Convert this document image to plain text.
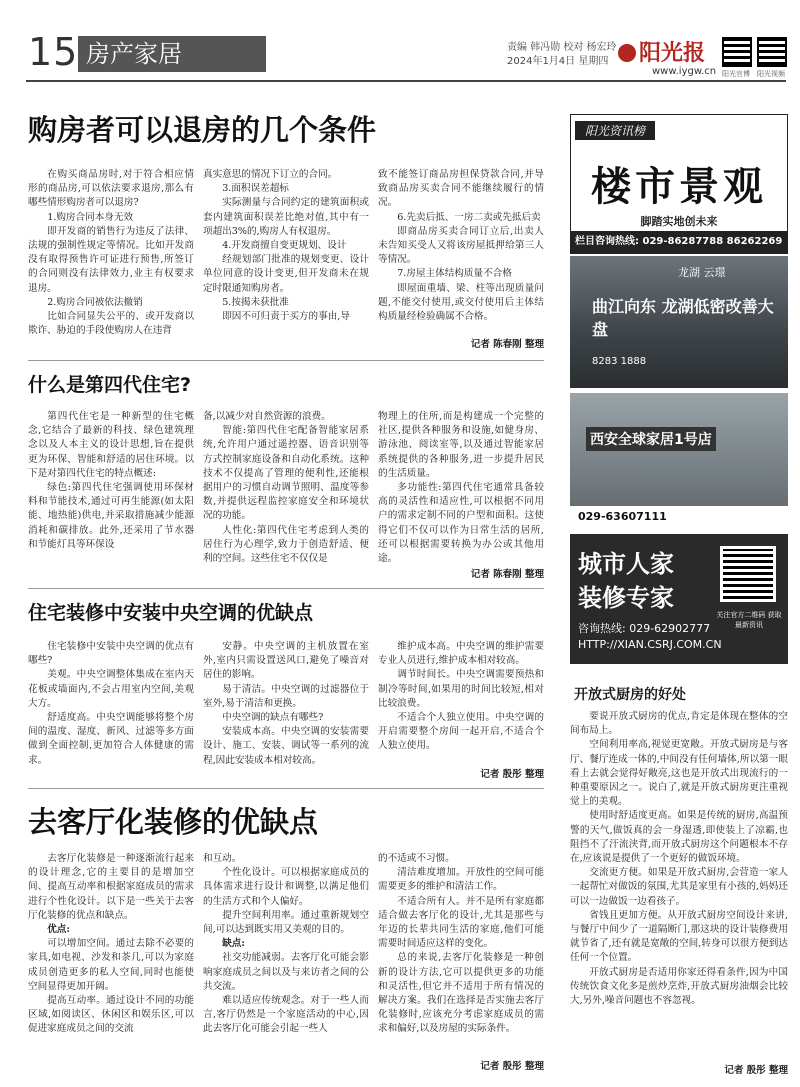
15 房产家居	责编 韩冯勋 校对 杨宏玲
2024年1月4日 星期四	阳光报
www.iygw.cn 阳光官博 阳光视频
购房者可以退房的几个条件

在购买商品房时,对于符合相应情形的商品房,可以依法要求退房,那么有哪些情形购房者可以退房?

1.购房合同本身无效

即开发商的销售行为违反了法律、法规的强制性规定等情况。比如开发商没有取得预售许可证进行预售,所签订的合同则没有法律效力,业主有权要求退房。

2.购房合同被依法撤销

比如合同显失公平的、或开发商以欺诈、胁迫的手段使购房人在违背

真实意思的情况下订立的合同。

3.面积误差超标

实际测量与合同约定的建筑面积或套内建筑面积误差比绝对值,其中有一项超出3%的,购房人有权退房。

4.开发商擅自变更规划、设计

经规划部门批准的规划变更、设计单位同意的设计变更,但开发商未在规定时限通知购房者。

5.按揭未获批准

即因不可归责于买方的事由,导

致不能签订商品房担保贷款合同,并导致商品房买卖合同不能继续履行的情况。

6.先卖后抵、一房二卖或先抵后卖

即商品房买卖合同订立后,出卖人未告知买受人又将该房屋抵押给第三人等情况。

7.房屋主体结构质量不合格

即屋面重墙、梁、柱等出现质量问题,不能交付使用,或交付使用后主体结构质量经检验确属不合格。

记者 陈春刚 整理
什么是第四代住宅?

第四代住宅是一种新型的住宅概念,它结合了最新的科技、绿色建筑理念以及人本主义的设计思想,旨在提供更为环保、智能和舒适的居住环境。以下是对第四代住宅的特点概述:

绿色:第四代住宅强调使用环保材料和节能技术,通过可再生能源(如太阳能、地热能)供电,并采取措施减少能源消耗和碳排放。此外,还采用了节水器和节能灯具等环保设

备,以减少对自然资源的浪费。

智能:第四代住宅配备智能家居系统,允许用户通过遥控器、语音识别等方式控制家庭设备和自动化系统。这种技术不仅提高了管理的便利性,还能根据用户的习惯自动调节照明、温度等参数,并提供远程监控家庭安全和环境状况的功能。

人性化:第四代住宅考虑到人类的居住行为心理学,致力于创造舒适、便利的空间。这些住宅不仅仅是

物理上的住所,而是构建成一个完整的社区,提供各种服务和设施,如健身房、游泳池、阅读室等,以及通过智能家居系统提供的各种服务,进一步提升居民的生活质量。

多功能性:第四代住宅通常具备较高的灵活性和适应性,可以根据不同用户的需求定制不同的户型和面积。这使得它们不仅可以作为日常生活的居所,还可以根据需要转换为办公或其他用途。

记者 陈春刚 整理
住宅装修中安装中央空调的优缺点

住宅装修中安装中央空调的优点有哪些?

美观。中央空调整体集成在室内天花板或墙面内,不会占用室内空间,美观大方。

舒适度高。中央空调能够将整个房间的温度、湿度、新风、过滤等多方面做到全面控制,更加符合人体健康的需求。

安静。中央空调的主机放置在室外,室内只需设置送风口,避免了噪音对居住的影响。

易于清洁。中央空调的过滤器位于室外,易于清洁和更换。

中央空调的缺点有哪些?

安装成本高。中央空调的安装需要设计、施工、安装、调试等一系列的流程,因此安装成本相对较高。

维护成本高。中央空调的维护需要专业人员进行,维护成本相对较高。

调节时间长。中央空调需要预热和制冷等时间,如果用的时间比较短,相对比较浪费。

不适合个人独立使用。中央空调的开启需要整个房间一起开启,不适合个人独立使用。

记者 殷彤 整理
去客厅化装修的优缺点

去客厅化装修是一种逐渐流行起来的设计理念,它的主要目的是增加空间、提高互动率和根据家庭成员的需求进行个性化设计。以下是一些关于去客厅化装修的优点和缺点。

优点:

可以增加空间。通过去除不必要的家具,如电视、沙发和茶几,可以为家庭成员创造更多的私人空间,同时也能使空间显得更加开阔。

提高互动率。通过设计不同的功能区域,如阅读区、休闲区和娱乐区,可以促进家庭成员之间的交流

和互动。

个性化设计。可以根据家庭成员的具体需求进行设计和调整,以满足他们的生活方式和个人偏好。

提升空间利用率。通过重新规划空间,可以达到既实用又美观的目的。

缺点:

社交功能减弱。去客厅化可能会影响家庭成员之间以及与来访者之间的公共交流。

难以适应传统观念。对于一些人而言,客厅仍然是一个家庭活动的中心,因此去客厅化可能会引起一些人

的不适或不习惯。

清洁难度增加。开放性的空间可能需要更多的维护和清洁工作。

不适合所有人。并不是所有家庭都适合做去客厅化的设计,尤其是那些与年迈的长辈共同生活的家庭,他们可能需要时间适应这样的变化。

总的来说,去客厅化装修是一种创新的设计方法,它可以提供更多的功能和灵活性,但它并不适用于所有情况的解决方案。我们在选择是否实施去客厅化装修时,应该充分考虑家庭成员的需求和偏好,以及房屋的实际条件。

记者 殷彤 整理
阳光资讯榜
楼市景观
脚踏实地创未来
栏目咨询热线: 029-86287788 86262269
龙湖 云璟
曲江向东 龙湖低密改善大盘
8283 1888
西安全球家居1号店
029-63607111
城市人家
装修专家
咨询热线: 029-62902777
HTTP://XIAN.CSRJ.COM.CN
关注官方二维码 获取最新资讯
开放式厨房的好处

要说开放式厨房的优点,肯定是体现在整体的空间布局上。

空间利用率高,视觉更宽敞。开放式厨房是与客厅、餐厅连成一体的,中间没有任何墙体,所以第一眼看上去就会觉得好敞亮,这也是开放式出现流行的一种重要原因之一。说白了,就是开放式厨房更注重视觉上的美观。

使用时舒适度更高。如果是传统的厨房,高温预警的天气,做饭真的会一身湿透,即使装上了凉霸,也阻挡不了汗流浃背,而开放式厨房这个问题根本不存在,应该说是提供了一个更好的做饭环境。

交流更方便。如果是开放式厨房,会营造一家人一起帮忙对做饭的氛围,尤其是家里有小孩的,妈妈还可以一边做饭一边看孩子。

省钱且更加方便。从开放式厨房空间设计来讲,与餐厅中间少了一道隔断门,那这块的设计装修费用就节省了,还有就是宽敞的空间,转身可以很方便到达任何一个位置。

开放式厨房是否适用你家还得看条件,因为中国传统饮食文化多是煎炒烹炸,开放式厨房油烟会比较大,另外,噪音问题也不容忽视。

记者 殷彤 整理
